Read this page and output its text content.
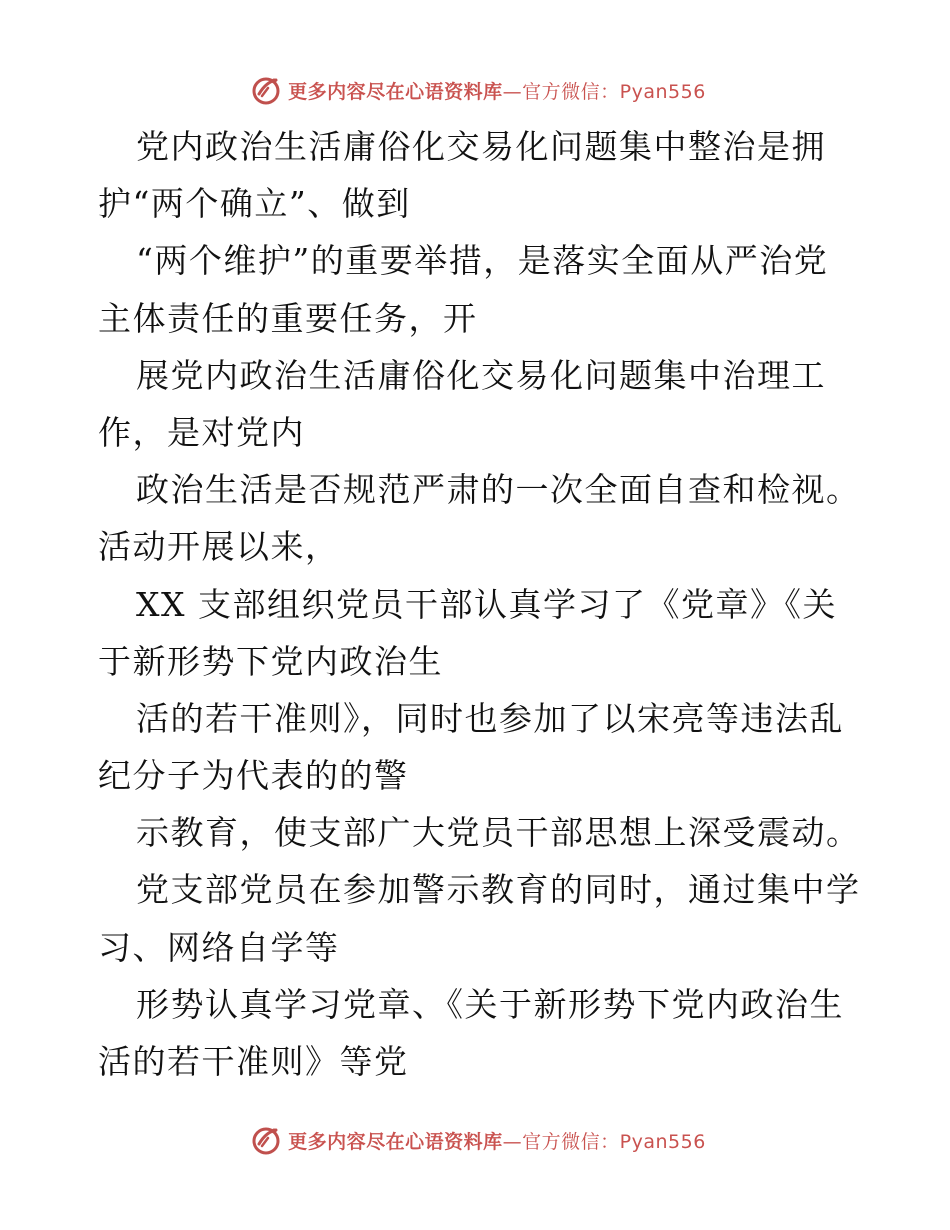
更多内容尽在心语资料库—官方微信：Pyan556
党内政治生活庸俗化交易化问题集中整治是拥
护“两个确立”、做到
“两个维护”的重要举措，是落实全面从严治党
主体责任的重要任务，开
展党内政治生活庸俗化交易化问题集中治理工
作，是对党内
政治生活是否规范严肃的一次全面自查和检视。
活动开展以来，
XX 支部组织党员干部认真学习了《党章》《关
于新形势下党内政治生
活的若干准则》，同时也参加了以宋亮等违法乱
纪分子为代表的的警
示教育，使支部广大党员干部思想上深受震动。
党支部党员在参加警示教育的同时，通过集中学
习、网络自学等
形势认真学习党章、《关于新形势下党内政治生
活的若干准则》等党
更多内容尽在心语资料库—官方微信：Pyan556
